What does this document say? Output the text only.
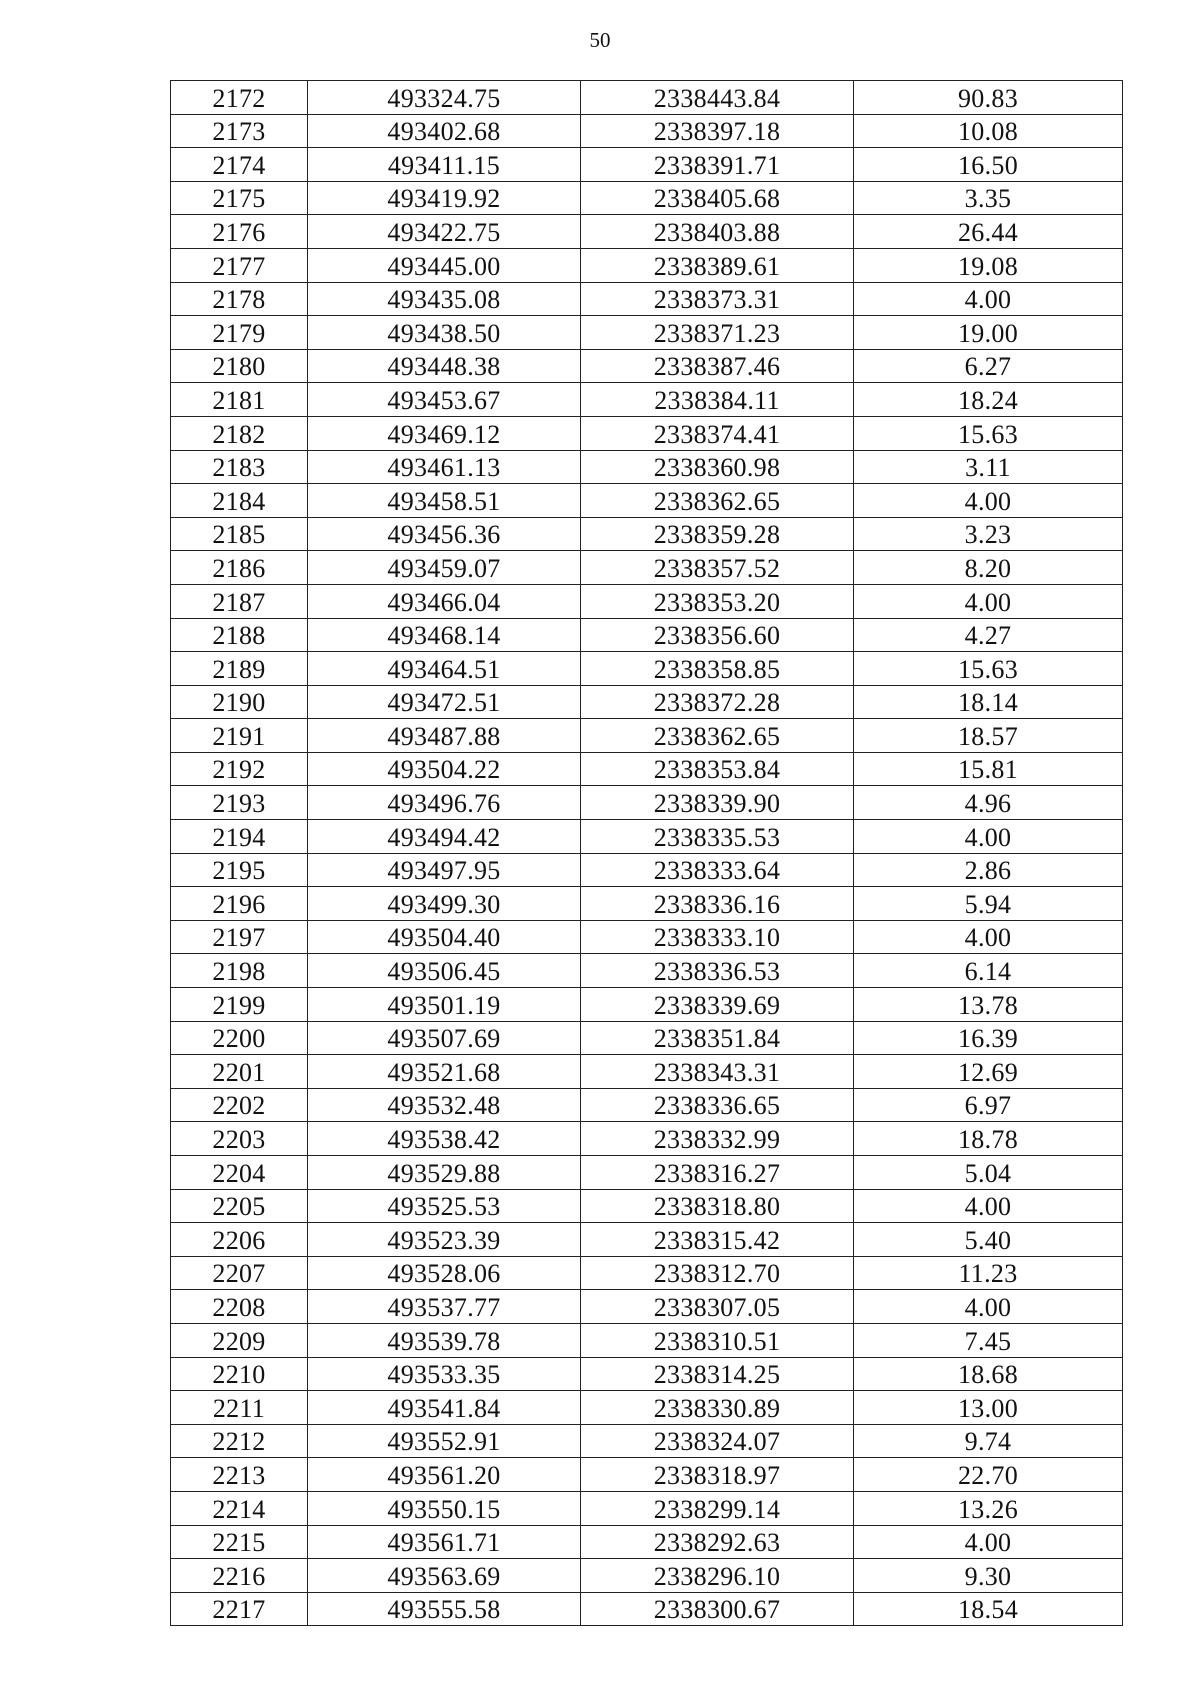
50
2172	493324.75	2338443.84	90.83
2173	493402.68	2338397.18	10.08
2174	493411.15	2338391.71	16.50
2175	493419.92	2338405.68	3.35
2176	493422.75	2338403.88	26.44
2177	493445.00	2338389.61	19.08
2178	493435.08	2338373.31	4.00
2179	493438.50	2338371.23	19.00
2180	493448.38	2338387.46	6.27
2181	493453.67	2338384.11	18.24
2182	493469.12	2338374.41	15.63
2183	493461.13	2338360.98	3.11
2184	493458.51	2338362.65	4.00
2185	493456.36	2338359.28	3.23
2186	493459.07	2338357.52	8.20
2187	493466.04	2338353.20	4.00
2188	493468.14	2338356.60	4.27
2189	493464.51	2338358.85	15.63
2190	493472.51	2338372.28	18.14
2191	493487.88	2338362.65	18.57
2192	493504.22	2338353.84	15.81
2193	493496.76	2338339.90	4.96
2194	493494.42	2338335.53	4.00
2195	493497.95	2338333.64	2.86
2196	493499.30	2338336.16	5.94
2197	493504.40	2338333.10	4.00
2198	493506.45	2338336.53	6.14
2199	493501.19	2338339.69	13.78
2200	493507.69	2338351.84	16.39
2201	493521.68	2338343.31	12.69
2202	493532.48	2338336.65	6.97
2203	493538.42	2338332.99	18.78
2204	493529.88	2338316.27	5.04
2205	493525.53	2338318.80	4.00
2206	493523.39	2338315.42	5.40
2207	493528.06	2338312.70	11.23
2208	493537.77	2338307.05	4.00
2209	493539.78	2338310.51	7.45
2210	493533.35	2338314.25	18.68
2211	493541.84	2338330.89	13.00
2212	493552.91	2338324.07	9.74
2213	493561.20	2338318.97	22.70
2214	493550.15	2338299.14	13.26
2215	493561.71	2338292.63	4.00
2216	493563.69	2338296.10	9.30
2217	493555.58	2338300.67	18.54
